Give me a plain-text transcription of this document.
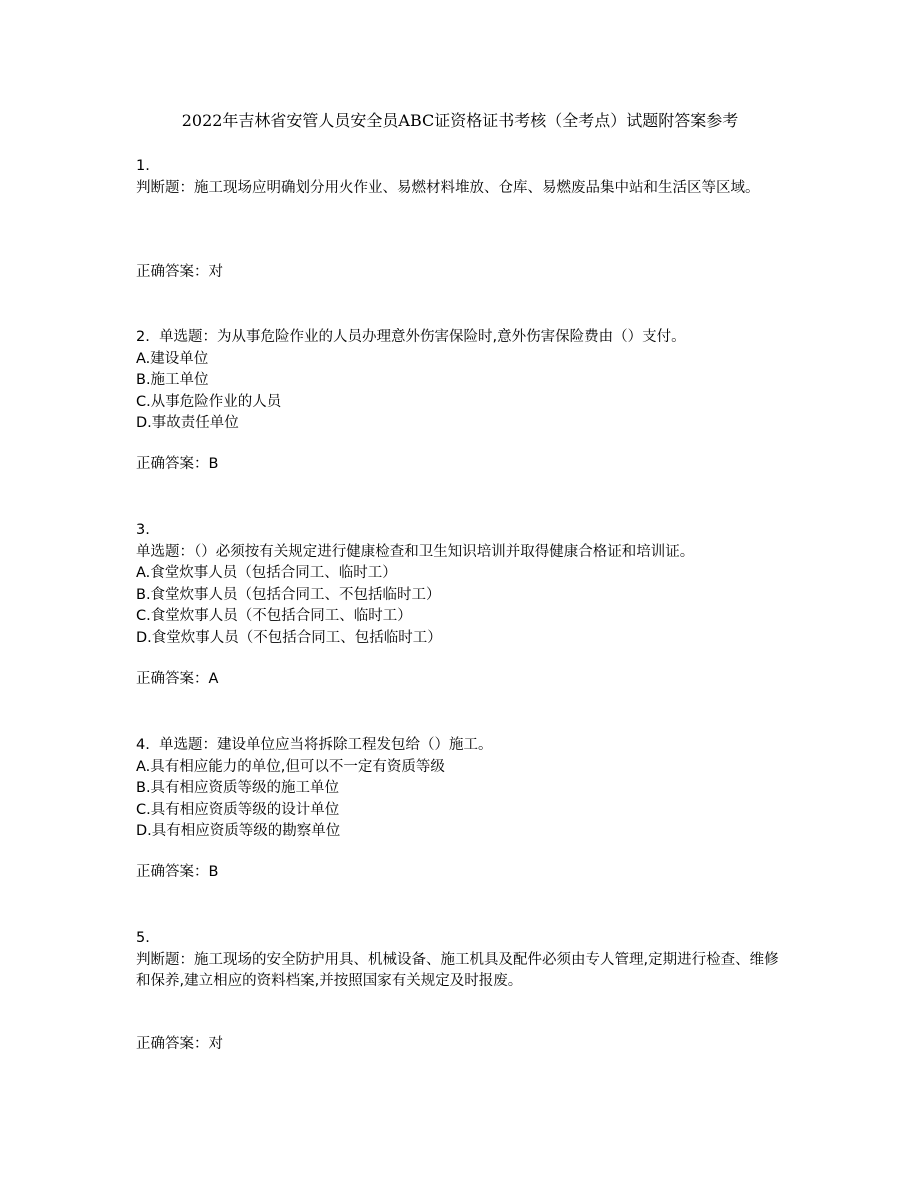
2022年吉林省安管人员安全员ABC证资格证书考核（全考点）试题附答案参考
1.
判断题：施工现场应明确划分用火作业、易燃材料堆放、仓库、易燃废品集中站和生活区等区域。
正确答案：对
2. 单选题：为从事危险作业的人员办理意外伤害保险时,意外伤害保险费由（）支付。
A.建设单位
B.施工单位
C.从事危险作业的人员
D.事故责任单位
正确答案：B
3.
单选题：（）必须按有关规定进行健康检查和卫生知识培训并取得健康合格证和培训证。
A.食堂炊事人员（包括合同工、临时工）
B.食堂炊事人员（包括合同工、不包括临时工）
C.食堂炊事人员（不包括合同工、临时工）
D.食堂炊事人员（不包括合同工、包括临时工）
正确答案：A
4. 单选题：建设单位应当将拆除工程发包给（）施工。
A.具有相应能力的单位,但可以不一定有资质等级
B.具有相应资质等级的施工单位
C.具有相应资质等级的设计单位
D.具有相应资质等级的勘察单位
正确答案：B
5.
判断题：施工现场的安全防护用具、机械设备、施工机具及配件必须由专人管理,定期进行检查、维修和保养,建立相应的资料档案,并按照国家有关规定及时报废。
正确答案：对
